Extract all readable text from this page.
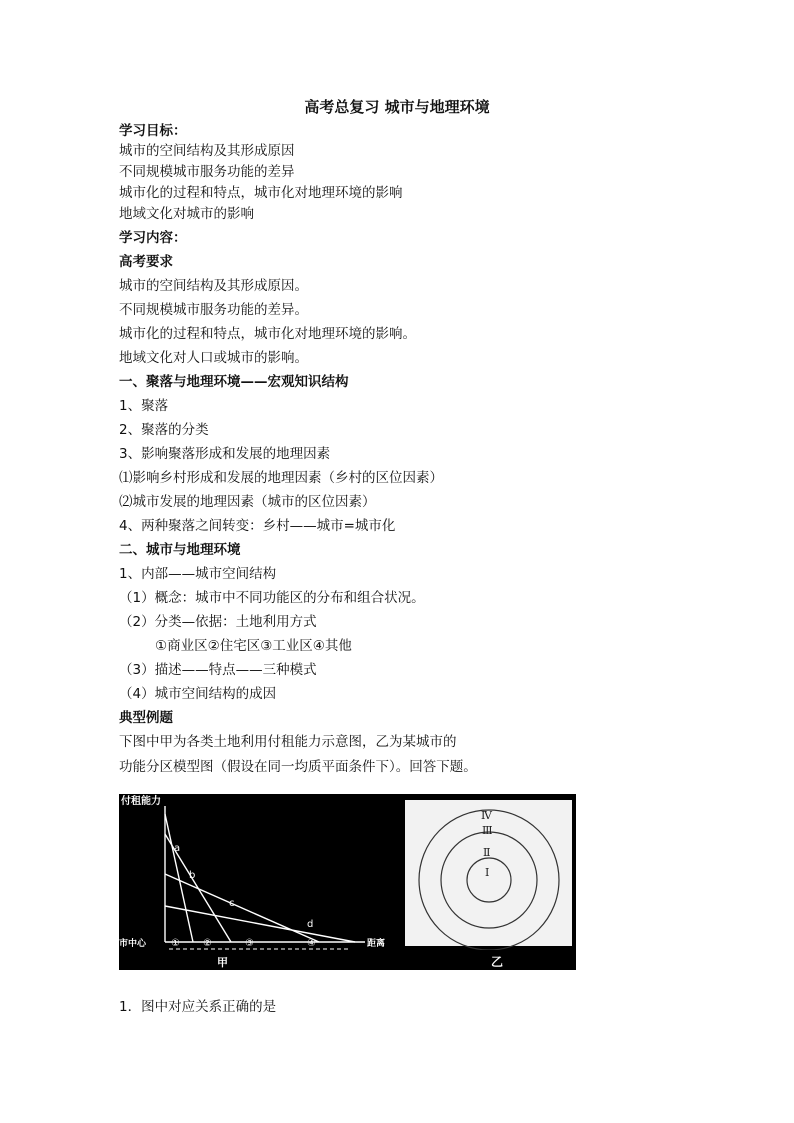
高考总复习 城市与地理环境
学习目标：
城市的空间结构及其形成原因
不同规模城市服务功能的差异
城市化的过程和特点，城市化对地理环境的影响
地域文化对城市的影响
学习内容：
高考要求
城市的空间结构及其形成原因。
不同规模城市服务功能的差异。
城市化的过程和特点，城市化对地理环境的影响。
地域文化对人口或城市的影响。
一、聚落与地理环境——宏观知识结构
1、聚落
2、聚落的分类
3、影响聚落形成和发展的地理因素
⑴影响乡村形成和发展的地理因素（乡村的区位因素）
⑵城市发展的地理因素（城市的区位因素）
4、两种聚落之间转变：乡村——城市=城市化
二、城市与地理环境
1、内部——城市空间结构
（1）概念：城市中不同功能区的分布和组合状况。
（2）分类—依据：土地利用方式
①商业区②住宅区③工业区④其他
（3）描述——特点——三种模式
（4）城市空间结构的成因
典型例题
下图中甲为各类土地利用付租能力示意图，乙为某城市的
功能分区模型图（假设在同一均质平面条件下）。回答下题。
付租能力
市中心	距离
a
b
c
d
① ②	③	④
甲
Ⅰ
Ⅱ
Ⅲ
Ⅳ
乙
1．图中对应关系正确的是
